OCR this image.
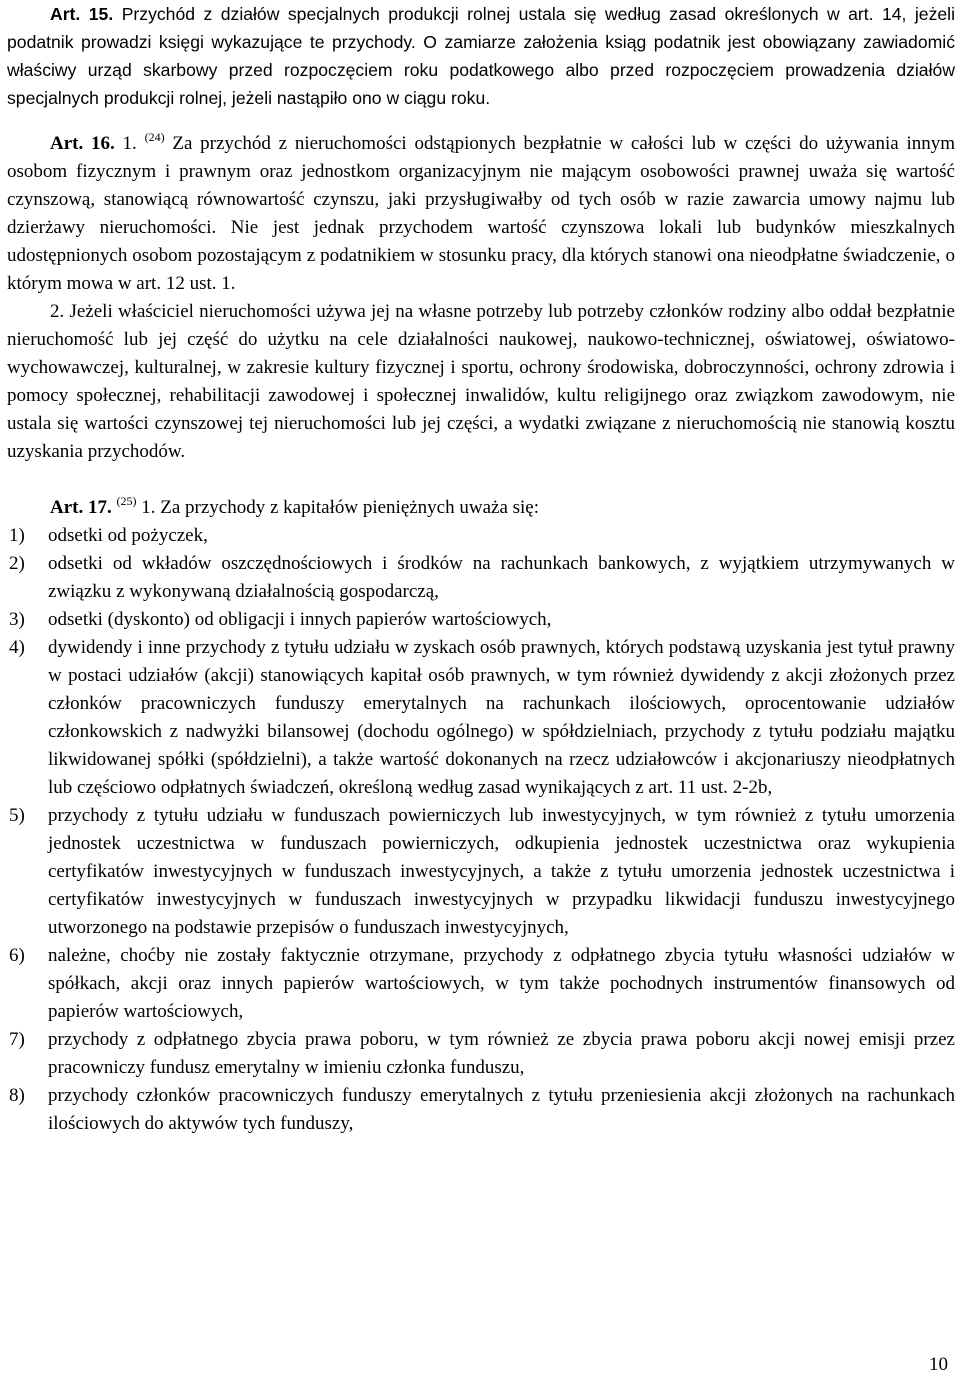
Art. 15. Przychód z działów specjalnych produkcji rolnej ustala się według zasad określonych w art. 14, jeżeli podatnik prowadzi księgi wykazujące te przychody. O zamiarze założenia ksiąg podatnik jest obowiązany zawiadomić właściwy urząd skarbowy przed rozpoczęciem roku podatkowego albo przed rozpoczęciem prowadzenia działów specjalnych produkcji rolnej, jeżeli nastąpiło ono w ciągu roku.

Art. 16. 1. $^{(24)}$ Za przychód z nieruchomości odstąpionych bezpłatnie w całości lub w części do używania innym osobom fizycznym i prawnym oraz jednostkom organizacyjnym nie mającym osobowości prawnej uważa się wartość czynszową, stanowiącą równowartość czynszu, jaki przysługiwałby od tych osób w razie zawarcia umowy najmu lub dzierżawy nieruchomości. Nie jest jednak przychodem wartość czynszowa lokali lub budynków mieszkalnych udostępnionych osobom pozostającym z podatnikiem w stosunku pracy, dla których stanowi ona nieodpłatne świadczenie, o którym mowa w art. 12 ust. 1.

2. Jeżeli właściciel nieruchomości używa jej na własne potrzeby lub potrzeby członków rodziny albo oddał bezpłatnie nieruchomość lub jej część do użytku na cele działalności naukowej, naukowo-technicznej, oświatowej, oświatowo-wychowawczej, kulturalnej, w zakresie kultury fizycznej i sportu, ochrony środowiska, dobroczynności, ochrony zdrowia i pomocy społecznej, rehabilitacji zawodowej i społecznej inwalidów, kultu religijnego oraz związkom zawodowym, nie ustala się wartości czynszowej tej nieruchomości lub jej części, a wydatki związane z nieruchomością nie stanowią kosztu uzyskania przychodów.

Art. 17. $^{(25)}$ 1. Za przychody z kapitałów pieniężnych uważa się:

1) odsetki od pożyczek,
2) odsetki od wkładów oszczędnościowych i środków na rachunkach bankowych, z wyjątkiem utrzymywanych w związku z wykonywaną działalnością gospodarczą,
3) odsetki (dyskonto) od obligacji i innych papierów wartościowych,
4) dywidendy i inne przychody z tytułu udziału w zyskach osób prawnych, których podstawą uzyskania jest tytuł prawny w postaci udziałów (akcji) stanowiących kapitał osób prawnych, w tym również dywidendy z akcji złożonych przez członków pracowniczych funduszy emerytalnych na rachunkach ilościowych, oprocentowanie udziałów członkowskich z nadwyżki bilansowej (dochodu ogólnego) w spółdzielniach, przychody z tytułu podziału majątku likwidowanej spółki (spółdzielni), a także wartość dokonanych na rzecz udziałowców i akcjonariuszy nieodpłatnych lub częściowo odpłatnych świadczeń, określoną według zasad wynikających z art. 11 ust. 2-2b,
5) przychody z tytułu udziału w funduszach powierniczych lub inwestycyjnych, w tym również z tytułu umorzenia jednostek uczestnictwa w funduszach powierniczych, odkupienia jednostek uczestnictwa oraz wykupienia certyfikatów inwestycyjnych w funduszach inwestycyjnych, a także z tytułu umorzenia jednostek uczestnictwa i certyfikatów inwestycyjnych w funduszach inwestycyjnych w przypadku likwidacji funduszu inwestycyjnego utworzonego na podstawie przepisów o funduszach inwestycyjnych,
6) należne, choćby nie zostały faktycznie otrzymane, przychody z odpłatnego zbycia tytułu własności udziałów w spółkach, akcji oraz innych papierów wartościowych, w tym także pochodnych instrumentów finansowych od papierów wartościowych,
7) przychody z odpłatnego zbycia prawa poboru, w tym również ze zbycia prawa poboru akcji nowej emisji przez pracowniczy fundusz emerytalny w imieniu członka funduszu,
8) przychody członków pracowniczych funduszy emerytalnych z tytułu przeniesienia akcji złożonych na rachunkach ilościowych do aktywów tych funduszy,
10
